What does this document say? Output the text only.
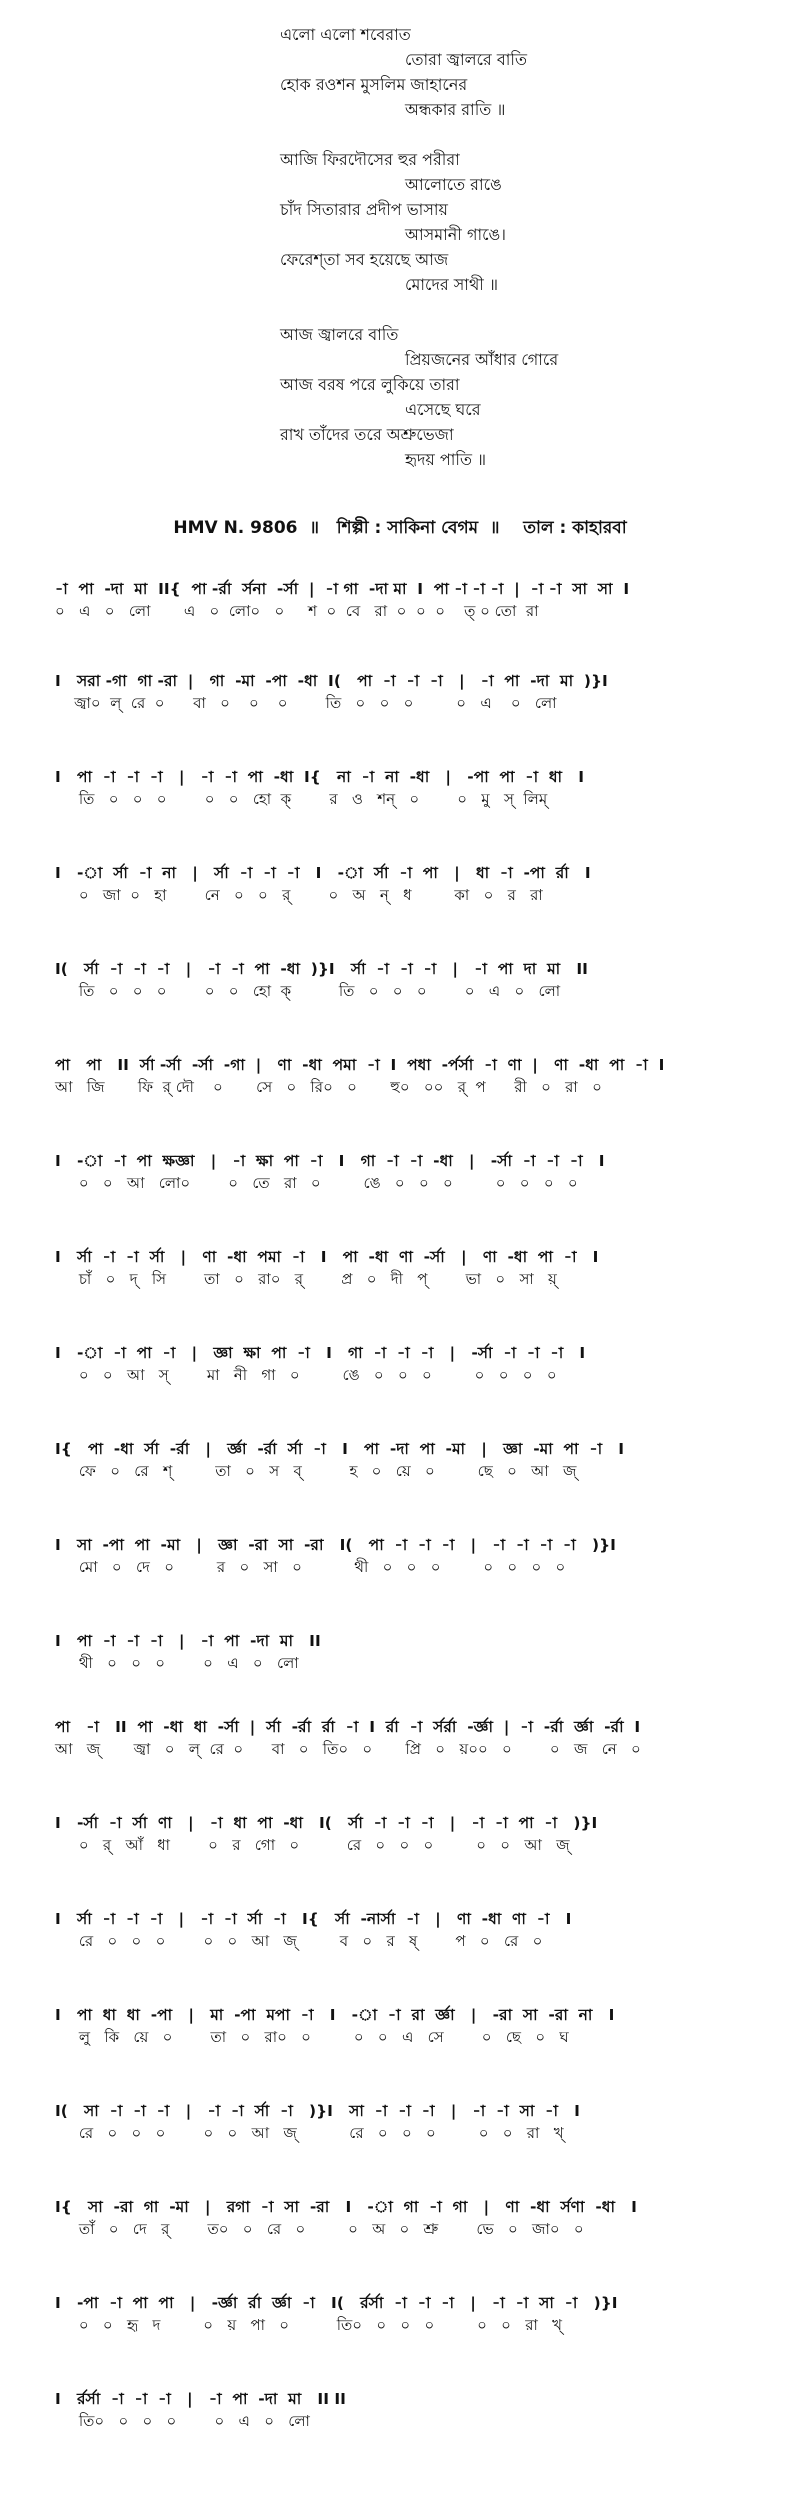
এলো এলো শবেরাত
তোরা জ্বালরে বাতি
হোক রওশন মুসলিম জাহানের
অন্ধকার রাতি ॥
আজি ফিরদৌসের হুর পরীরা
আলোতে রাঙে
চাঁদ সিতারার প্রদীপ ভাসায়
আসমানী গাঙে।
ফেরেশ্‌তা সব হয়েছে আজ
মোদের সাথী ॥
আজ জ্বালরে বাতি
প্রিয়জনের আঁধার গোরে
আজ বরষ পরে লুকিয়ে তারা
এসেছে ঘরে
রাখ তাঁদের তরে অশ্রুভেজা
হৃদয় পাতি ॥
HMV N. 9806  ॥   শিল্পী : সাকিনা বেগম  ॥    তাল : কাহারবা
-া  পা  -দা  মা  II{  পা -র্রা  র্সনা  -র্সা  |  -া গা  -দা মা  I  পা -া -া -া  |  -া -া  সা  সা  I
০   এ   ০   লো       এ   ০  লো০   ০     শ  ০  বে   রা  ০  ০  ০    ত্‌ ০ তো  রা
I   সরা -গা  গা -রা  |   গা  -মা  -পা  -ধা  I(   পা  -া  -া  -া   |   -া  পা  -দা  মা  )}I
জ্বা০  ল্‌  রে  ০      বা   ০    ০    ০        তি   ০   ০   ০         ০   এ    ০   লো
I   পা  -া  -া  -া   |   -া  -া  পা  -ধা  I{   না  -া  না  -ধা   |   -পা  পা  -া  ধা   I
তি   ০   ০   ০        ০   ০   হো  ক্‌        র   ও   শন্‌   ০        ০   মু   স্‌  লিম্‌
I   -া  র্সা  -া  না   |   র্সা  -া  -া  -া   I   -া  র্সা  -া  পা   |   ধা  -া  -পা  র্রা   I
০   জা  ০   হা        নে   ০   ০   র্‌        ০   অ   ন্‌   ধ         কা   ০   র   রা
I(   র্সা  -া  -া  -া   |   -া  -া  পা  -ধা  )}I   র্সা  -া  -া  -া   |   -া  পা  দা  মা   II
তি   ০   ০   ০        ০   ০   হো  ক্‌          তি   ০   ০   ০        ০   এ   ০   লো
পা   পা   II  র্সা -র্সা  -র্সা  -গা  |   ণা  -ধা  পমা  -া  I  পধা  -র্পর্সা  -া  ণা  |   ণা  -ধা  পা  -া  I
আ   জি       ফি  র্‌ দৌ    ০       সে   ০   রি০   ০       হু০   ০০   র্‌  প      রী   ০   রা   ০
I   -া  -া  পা  ক্ষজ্ঞা   |   -া  ক্ষা  পা  -া   I   গা  -া  -া  -ধা   |   -র্সা  -া  -া  -া   I
০   ০   আ   লো০        ০   তে   রা   ০         ঙে   ০   ০   ০         ০   ০   ০   ০
I   র্সা  -া  -া  র্সা   |   ণা  -ধা  পমা  -া   I   পা  -ধা  ণা  -র্সা   |   ণা  -ধা  পা  -া   I
চাঁ   ০   দ্‌   সি        তা   ০   রা০   র্‌        প্র   ০   দী   প্‌        ভা   ০   সা   য়্‌
I   -া  -া  পা  -া   |   জ্ঞা  ক্ষা  পা  -া   I   গা  -া  -া  -া   |   -র্সা  -া  -া  -া   I
০   ০   আ   স্‌        মা   নী   গা   ০         ঙে   ০   ০   ০         ০   ০   ০   ০
I{   পা  -ধা  র্সা  -র্রা   |   র্জ্ঞা  -র্রা  র্সা  -া   I   পা  -দা  পা  -মা   |   জ্ঞা  -মা  পা  -া   I
ফে   ০   রে   শ্‌         তা   ০   স   ব্‌          হ   ০   য়ে   ০         ছে   ০   আ   জ্‌
I   সা  -পা  পা  -মা   |   জ্ঞা  -রা  সা  -রা   I(   পা  -া  -া  -া   |   -া  -া  -া  -া   )}I
মো   ০   দে   ০         র   ০   সা   ০           থী   ০   ০   ০         ০   ০   ০   ০
I   পা  -া  -া  -া   |   -া  পা  -দা  মা   II
থী   ০   ০   ০        ০   এ   ০   লো
পা   -া   II  পা  -ধা  ধা  -র্সা  |  র্সা  -র্রা  র্রা  -া  I  র্রা  -া  র্সর্রা  -র্জ্ঞা  |  -া  -র্রা  র্জ্ঞা  -র্রা  I
আ   জ্‌       জ্বা   ০   ল্‌  রে  ০      বা   ০   তি০   ০       প্রি   ০   য়০০   ০        ০   জ   নে   ০
I   -র্সা  -া  র্সা  ণা   |   -া  ধা  পা  -ধা   I(   র্সা  -া  -া  -া   |   -া  -া  পা  -া   )}I
০   র্‌   আঁ   ধা        ০   র   গো   ০          রে   ০   ০   ০         ০   ০   আ   জ্‌
I   র্সা  -া  -া  -া   |   -া  -া  র্সা  -া   I{   র্সা  -নার্সা  -া   |   ণা  -ধা  ণা  -া   I
রে   ০   ০   ০        ০   ০   আ   জ্‌         ব   ০   র   ষ্‌        প   ০   রে   ০
I   পা  ধা  ধা  -পা   |   মা  -পা  মপা  -া   I   -া  -া  রা  র্জ্ঞা   |   -রা  সা  -রা  না   I
লু   কি   য়ে   ০        তা   ০   রা০   ০         ০   ০   এ   সে        ০   ছে   ০   ঘ
I(   সা  -া  -া  -া   |   -া  -া  র্সা  -া   )}I   সা  -া  -া  -া   |   -া  -া  সা  -া   I
রে   ০   ০   ০        ০   ০   আ   জ্‌           রে   ০   ০   ০         ০   ০   রা   খ্‌
I{   সা  -রা  গা  -মা   |   রগা  -া  সা  -রা   I   -া  গা  -া  গা   |   ণা  -ধা  র্সণা  -ধা   I
তাঁ   ০   দে   র্‌        ত০   ০   রে   ০         ০   অ   ০   শ্রু        ভে   ০   জা০   ০
I   -পা  -া  পা  পা   |   -র্জ্ঞা  র্রা  র্জ্ঞা  -া   I(   র্রর্সা  -া  -া  -া   |   -া  -া  সা  -া   )}I
০   ০   হৃ   দ         ০   য়   পা   ০          তি০   ০   ০   ০         ০   ০   রা   খ্‌
I   র্রর্সা  -া  -া  -া   |   -া  পা  -দা  মা   II II
তি০   ০   ০   ০        ০   এ   ০   লো
